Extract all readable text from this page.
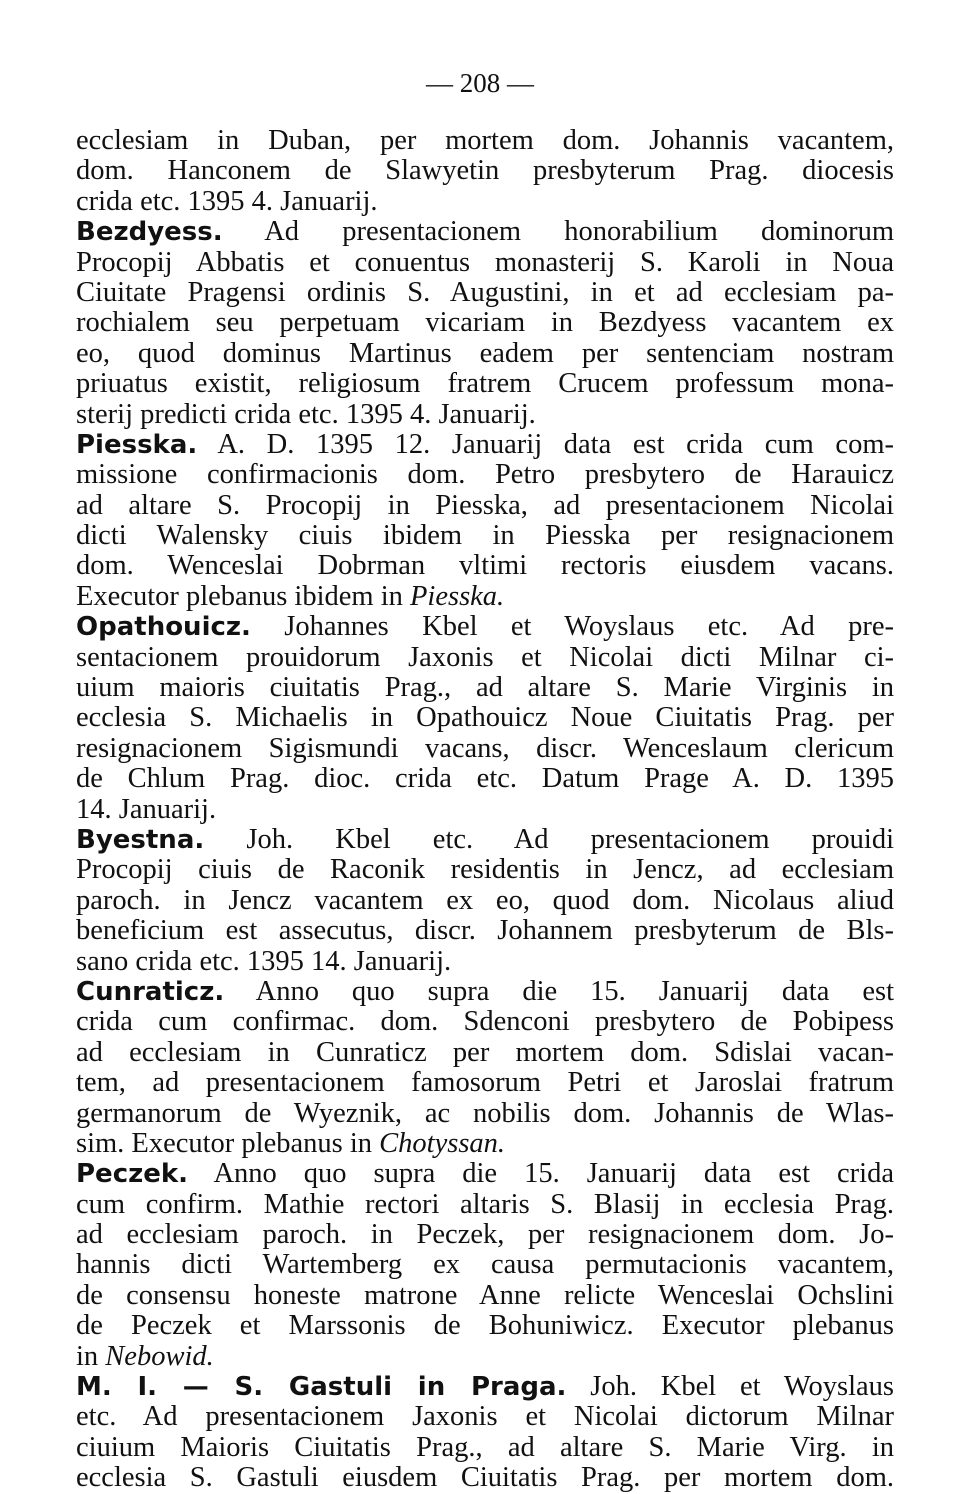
— 208 —
ecclesiam in Duban, per mortem dom. Johannis vacantem,
dom. Hanconem de Slawyetin presbyterum Prag. diocesis
crida etc. 1395 4. Januarij.
Bezdyess. Ad presentacionem honorabilium dominorum
Procopij Abbatis et conuentus monasterij S. Karoli in Noua
Ciuitate Pragensi ordinis S. Augustini, in et ad ecclesiam pa-
rochialem seu perpetuam vicariam in Bezdyess vacantem ex
eo, quod dominus Martinus eadem per sentenciam nostram
priuatus existit, religiosum fratrem Crucem professum mona-
sterij predicti crida etc. 1395 4. Januarij.
Piesska. A. D. 1395 12. Januarij data est crida cum com-
missione confirmacionis dom. Petro presbytero de Harauicz
ad altare S. Procopij in Piesska, ad presentacionem Nicolai
dicti Walensky ciuis ibidem in Piesska per resignacionem
dom. Wenceslai Dobrman vltimi rectoris eiusdem vacans.
Executor plebanus ibidem in Piesska.
Opathouicz. Johannes Kbel et Woyslaus etc. Ad pre-
sentacionem prouidorum Jaxonis et Nicolai dicti Milnar ci-
uium maioris ciuitatis Prag., ad altare S. Marie Virginis in
ecclesia S. Michaelis in Opathouicz Noue Ciuitatis Prag. per
resignacionem Sigismundi vacans, discr. Wenceslaum clericum
de Chlum Prag. dioc. crida etc. Datum Prage A. D. 1395
14. Januarij.
Byestna. Joh. Kbel etc. Ad presentacionem prouidi
Procopij ciuis de Raconik residentis in Jencz, ad ecclesiam
paroch. in Jencz vacantem ex eo, quod dom. Nicolaus aliud
beneficium est assecutus, discr. Johannem presbyterum de Bls-
sano crida etc. 1395 14. Januarij.
Cunraticz. Anno quo supra die 15. Januarij data est
crida cum confirmac. dom. Sdenconi presbytero de Pobipess
ad ecclesiam in Cunraticz per mortem dom. Sdislai vacan-
tem, ad presentacionem famosorum Petri et Jaroslai fratrum
germanorum de Wyeznik, ac nobilis dom. Johannis de Wlas-
sim. Executor plebanus in Chotyssan.
Peczek. Anno quo supra die 15. Januarij data est crida
cum confirm. Mathie rectori altaris S. Blasij in ecclesia Prag.
ad ecclesiam paroch. in Peczek, per resignacionem dom. Jo-
hannis dicti Wartemberg ex causa permutacionis vacantem,
de consensu honeste matrone Anne relicte Wenceslai Ochslini
de Peczek et Marssonis de Bohuniwicz. Executor plebanus
in Nebowid.
M. I. — S. Gastuli in Praga. Joh. Kbel et Woyslaus
etc. Ad presentacionem Jaxonis et Nicolai dictorum Milnar
ciuium Maioris Ciuitatis Prag., ad altare S. Marie Virg. in
ecclesia S. Gastuli eiusdem Ciuitatis Prag. per mortem dom.
